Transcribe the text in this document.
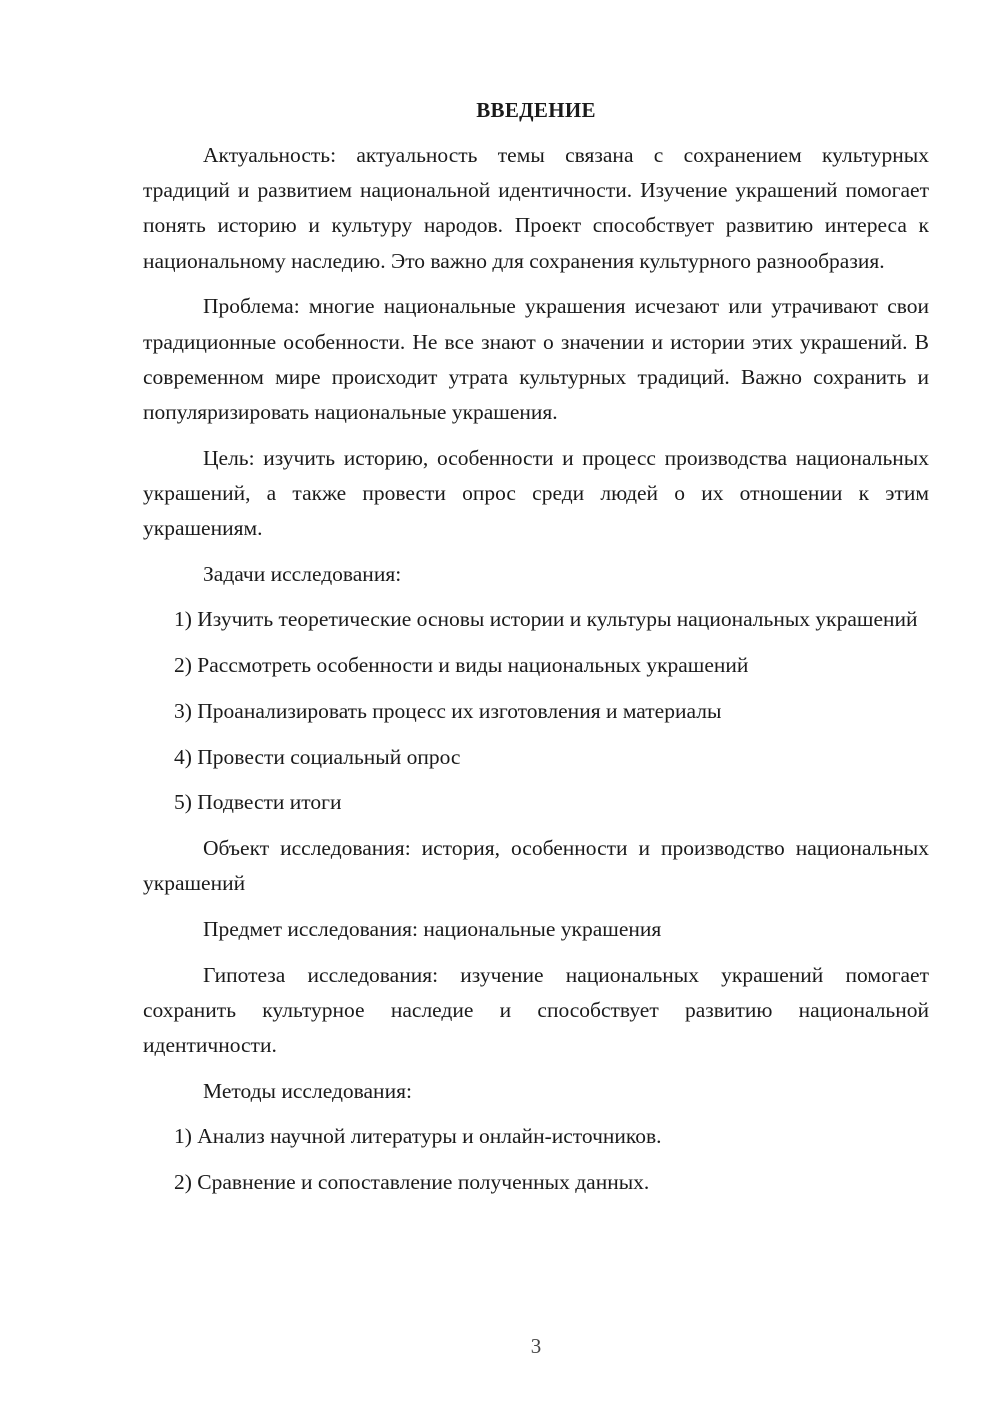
ВВЕДЕНИЕ

Актуальность: актуальность темы связана с сохранением культурных традиций и развитием национальной идентичности. Изучение украшений помогает понять историю и культуру народов. Проект способствует развитию интереса к национальному наследию. Это важно для сохранения культурного разнообразия.

Проблема: многие национальные украшения исчезают или утрачивают свои традиционные особенности. Не все знают о значении и истории этих украшений. В современном мире происходит утрата культурных традиций. Важно сохранить и популяризировать национальные украшения.

Цель: изучить историю, особенности и процесс производства национальных украшений, а также провести опрос среди людей о их отношении к этим украшениям.

Задачи исследования:

1) Изучить теоретические основы истории и культуры национальных украшений

2) Рассмотреть особенности и виды национальных украшений

3) Проанализировать процесс их изготовления и материалы

4) Провести социальный опрос

5) Подвести итоги

Объект исследования: история, особенности и производство национальных украшений

Предмет исследования: национальные украшения

Гипотеза исследования: изучение национальных украшений помогает сохранить культурное наследие и способствует развитию национальной идентичности.

Методы исследования:

1) Анализ научной литературы и онлайн-источников.

2) Сравнение и сопоставление полученных данных.

3
